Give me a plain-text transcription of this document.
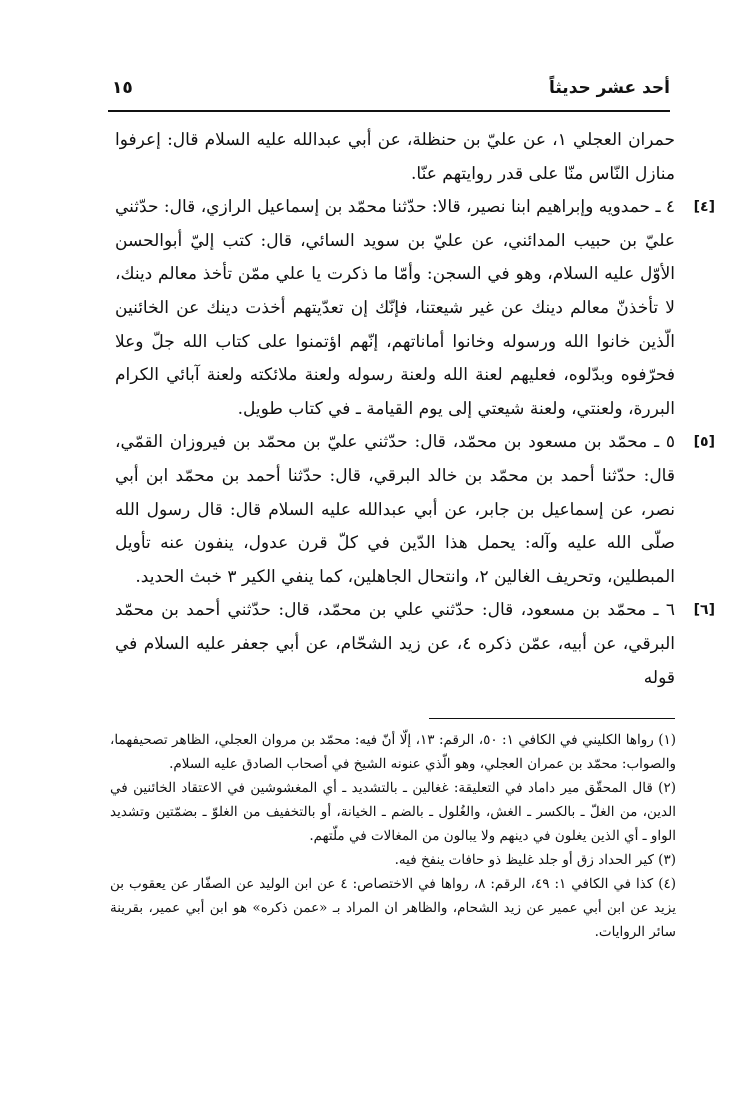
أحد عشر حديثاً
١٥

حمران العجلي ١، عن عليّ بن حنظلة، عن أبي عبدالله عليه السلام قال: إعرفوا منازل النّاس منّا على قدر روايتهم عنّا.

[٤]
٤ ـ حمدويه وإبراهيم ابنا نصير، قالا: حدّثنا محمّد بن إسماعيل الرازي، قال: حدّثني عليّ بن حبيب المدائني، عن عليّ بن سويد السائي، قال: كتب إليّ أبوالحسن الأوّل عليه السلام، وهو في السجن: وأمّا ما ذكرت يا علي ممّن تأخذ معالم دينك، لا تأخذنّ معالم دينك عن غير شيعتنا، فإنّك إن تعدّيتهم أخذت دينك عن الخائنين الّذين خانوا الله ورسوله وخانوا أماناتهم، إنّهم اؤتمنوا على كتاب الله جلّ وعلا فحرّفوه وبدّلوه، فعليهم لعنة الله ولعنة رسوله ولعنة ملائكته ولعنة آبائي الكرام البررة، ولعنتي، ولعنة شيعتي إلى يوم القيامة ـ في كتاب طويل.

[٥]
٥ ـ محمّد بن مسعود بن محمّد، قال: حدّثني عليّ بن محمّد بن فيروزان القمّي، قال: حدّثنا أحمد بن محمّد بن خالد البرقي، قال: حدّثنا أحمد بن محمّد ابن أبي نصر، عن إسماعيل بن جابر، عن أبي عبدالله عليه السلام قال: قال رسول الله صلّى الله عليه وآله: يحمل هذا الدّين في كلّ قرن عدول، ينفون عنه تأويل المبطلين، وتحريف الغالين ٢، وانتحال الجاهلين، كما ينفي الكير ٣ خبث الحديد.

[٦]
٦ ـ محمّد بن مسعود، قال: حدّثني علي بن محمّد، قال: حدّثني أحمد بن محمّد البرقي، عن أبيه، عمّن ذكره ٤، عن زيد الشحّام، عن أبي جعفر عليه السلام في قوله

(١) رواها الكليني في الكافي ١: ٥٠، الرقم: ١٣، إلّا أنّ فيه: محمّد بن مروان العجلي، الظاهر تصحيفهما، والصواب: محمّد بن عمران العجلي، وهو الّذي عنونه الشيخ في أصحاب الصادق عليه السلام.

(٢) قال المحقّق مير داماد في التعليقة: غغالين ـ بالتشديد ـ أي المغشوشين في الاعتقاد الخائنين في الدين، من الغلّ ـ بالكسر ـ الغش، والغُلول ـ بالضم ـ الخيانة، أو بالتخفيف من الغلوّ ـ بضمّتين وتشديد الواو ـ أي الذين يغلون في دينهم ولا يبالون من المغالات في ملّتهم.

(٣) كير الحداد زق أو جلد غليظ ذو حافات ينفخ فيه.

(٤) كذا في الكافي ١: ٤٩، الرقم: ٨، رواها في الاختصاص: ٤ عن ابن الوليد عن الصفّار عن يعقوب بن يزيد عن ابن أبي عمير عن زيد الشحام، والظاهر ان المراد بـ «عمن ذكره» هو ابن أبي عمير، بقرينة سائر الروايات.
